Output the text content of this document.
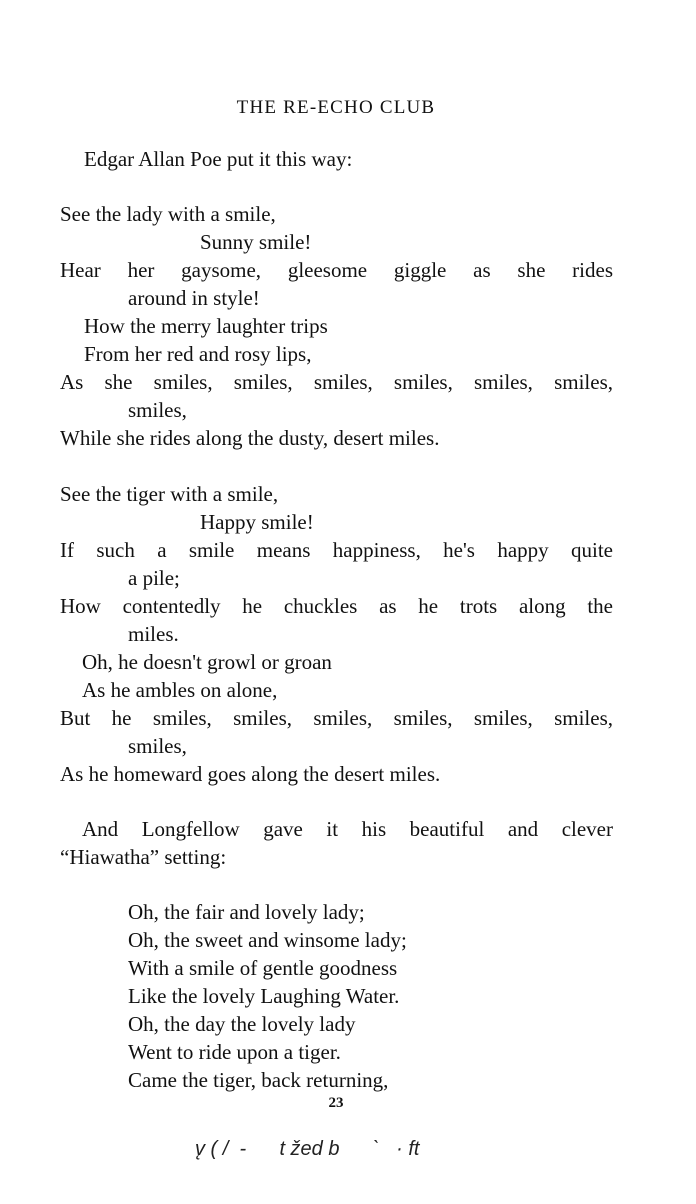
THE RE-ECHO CLUB
Edgar Allan Poe put it this way:
See the lady with a smile,
Sunny smile!
Hear her gaysome, gleesome giggle as she rides
around in style!
How the merry laughter trips
From her red and rosy lips,
As she smiles, smiles, smiles, smiles, smiles, smiles,
smiles,
While she rides along the dusty, desert miles.
See the tiger with a smile,
Happy smile!
If such a smile means happiness, he's happy quite
a pile;
How contentedly he chuckles as he trots along the
miles.
Oh, he doesn't growl or groan
As he ambles on alone,
But he smiles, smiles, smiles, smiles, smiles, smiles,
smiles,
As he homeward goes along the desert miles.
And Longfellow gave it his beautiful and clever
“Hiawatha” setting:
Oh, the fair and lovely lady;
Oh, the sweet and winsome lady;
With a smile of gentle goodness
Like the lovely Laughing Water.
Oh, the day the lovely lady
Went to ride upon a tiger.
Came the tiger, back returning,
23
v̨ ( /  -      t žed b      `   · ft
